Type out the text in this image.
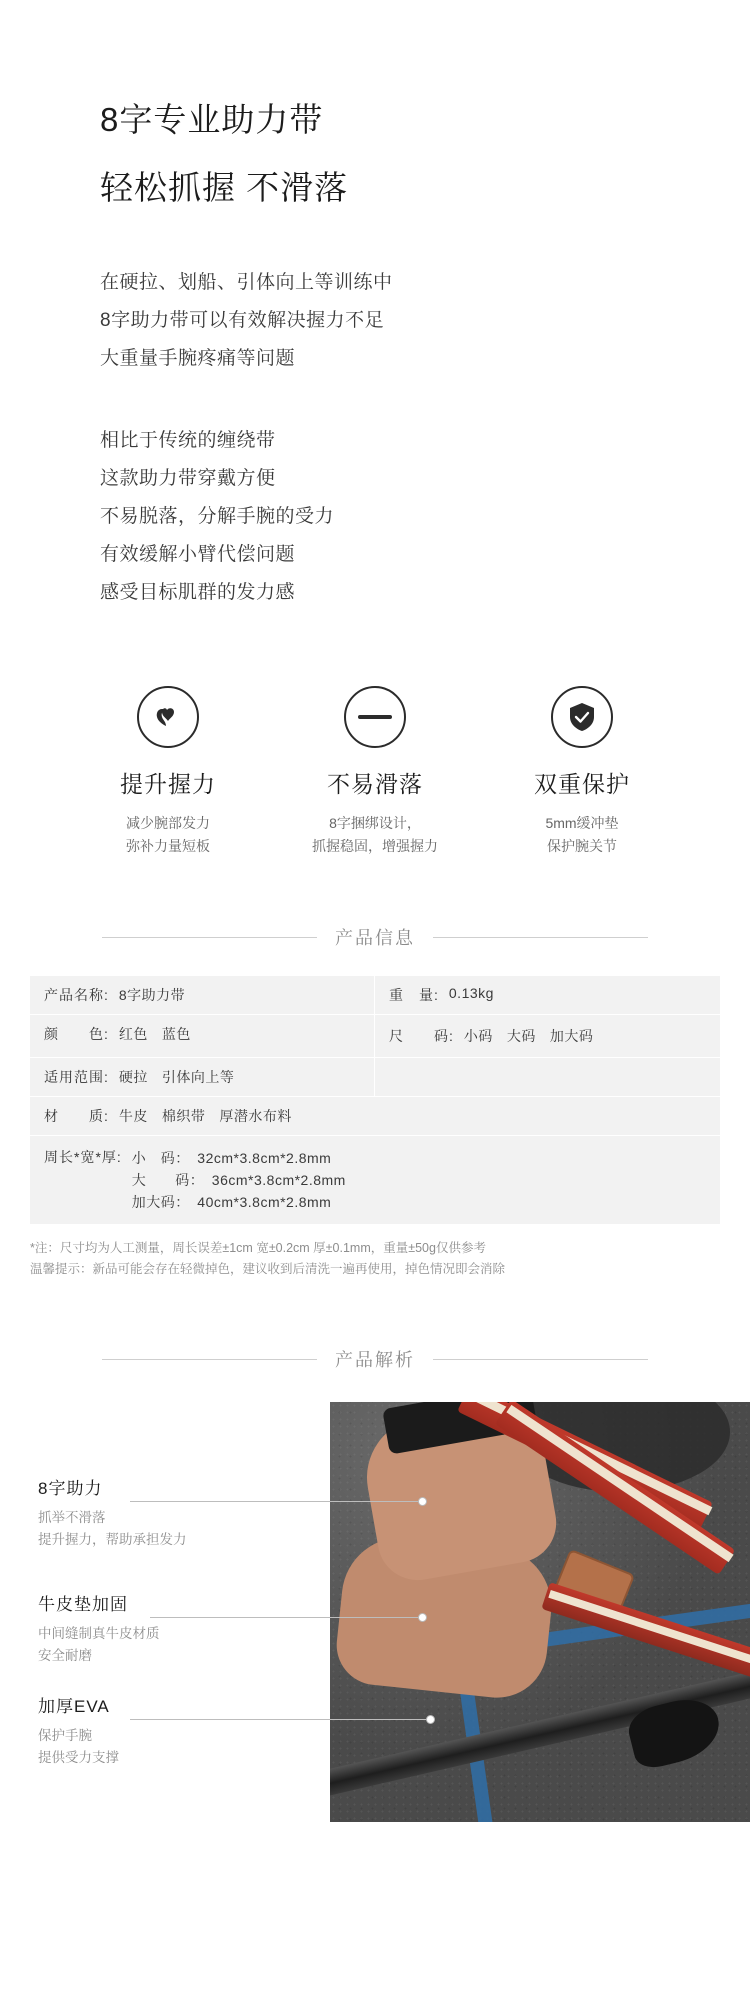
8字专业助力带
轻松抓握 不滑落

在硬拉、划船、引体向上等训练中

8字助力带可以有效解决握力不足

大重量手腕疼痛等问题

相比于传统的缠绕带

这款助力带穿戴方便

不易脱落，分解手腕的受力

有效缓解小臂代偿问题

感受目标肌群的发力感

提升握力
减少腕部发力
弥补力量短板
不易滑落
8字捆绑设计，
抓握稳固，增强握力
双重保护
5mm缓冲垫
保护腕关节
产品信息
产品名称: 8字助力带	重　量: 0.13kg
颜　　色: 红色 蓝色	尺　　码: 小码 大码 加大码
适用范围: 硬拉 引体向上等
材　　质: 牛皮 棉织带 厚潜水布料
周长*宽*厚: 小　码：　32cm*3.8cm*2.8mm
大　　码：　36cm*3.8cm*2.8mm
加大码：　40cm*3.8cm*2.8mm
*注：尺寸均为人工测量，周长误差±1cm 宽±0.2cm 厚±0.1mm，重量±50g仅供参考
温馨提示：新品可能会存在轻微掉色，建议收到后清洗一遍再使用，掉色情况即会消除
产品解析
8字助力
抓举不滑落
提升握力，帮助承担发力
牛皮垫加固
中间缝制真牛皮材质
安全耐磨
加厚EVA
保护手腕
提供受力支撑
